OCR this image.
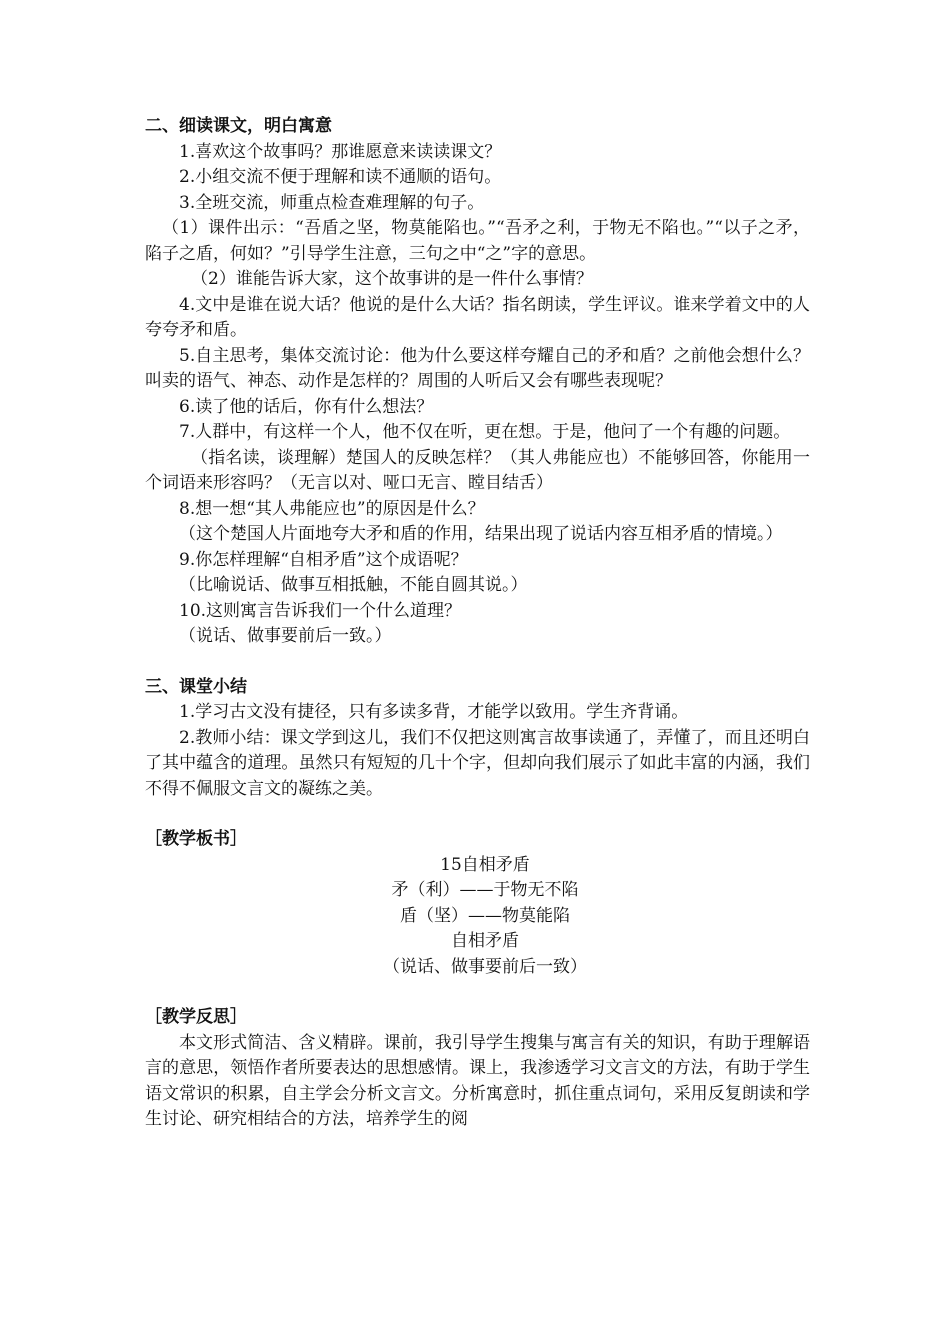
二、细读课文，明白寓意

1.喜欢这个故事吗？那谁愿意来读读课文？

2.小组交流不便于理解和读不通顺的语句。

3.全班交流，师重点检查难理解的句子。

（1）课件出示：“吾盾之坚，物莫能陷也。”“吾矛之利，于物无不陷也。”“以子之矛，陷子之盾，何如？”引导学生注意，三句之中“之”字的意思。

（2）谁能告诉大家，这个故事讲的是一件什么事情？

4.文中是谁在说大话？他说的是什么大话？指名朗读，学生评议。谁来学着文中的人夸夸矛和盾。

5.自主思考，集体交流讨论：他为什么要这样夸耀自己的矛和盾？之前他会想什么？叫卖的语气、神态、动作是怎样的？周围的人听后又会有哪些表现呢？

6.读了他的话后，你有什么想法？

7.人群中，有这样一个人，他不仅在听，更在想。于是，他问了一个有趣的问题。

（指名读，谈理解）楚国人的反映怎样？（其人弗能应也）不能够回答，你能用一个词语来形容吗？（无言以对、哑口无言、瞠目结舌）

8.想一想“其人弗能应也”的原因是什么？

（这个楚国人片面地夸大矛和盾的作用，结果出现了说话内容互相矛盾的情境。）

9.你怎样理解“自相矛盾”这个成语呢？

（比喻说话、做事互相抵触，不能自圆其说。）

10.这则寓言告诉我们一个什么道理？

（说话、做事要前后一致。）

三、课堂小结

1.学习古文没有捷径，只有多读多背，才能学以致用。学生齐背诵。

2.教师小结：课文学到这儿，我们不仅把这则寓言故事读通了，弄懂了，而且还明白了其中蕴含的道理。虽然只有短短的几十个字，但却向我们展示了如此丰富的内涵，我们不得不佩服文言文的凝练之美。

［教学板书］

15自相矛盾

矛（利）——于物无不陷

盾（坚）——物莫能陷

自相矛盾

（说话、做事要前后一致）

［教学反思］

本文形式简洁、含义精辟。课前，我引导学生搜集与寓言有关的知识，有助于理解语言的意思，领悟作者所要表达的思想感情。课上，我渗透学习文言文的方法，有助于学生语文常识的积累，自主学会分析文言文。分析寓意时，抓住重点词句，采用反复朗读和学生讨论、研究相结合的方法，培养学生的阅
